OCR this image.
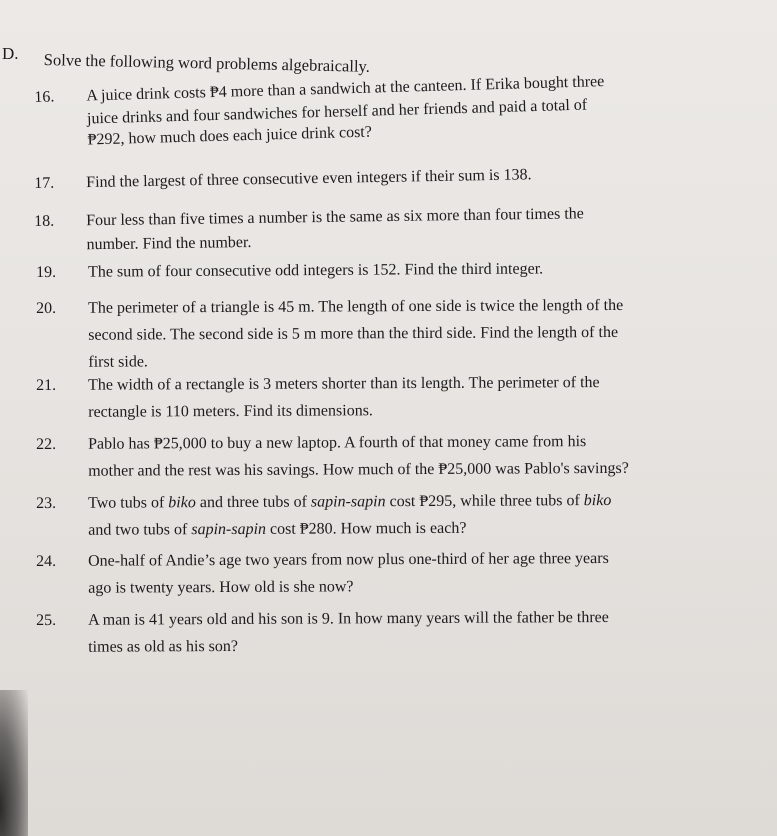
D. Solve the following word problems algebraically.
16.	A juice drink costs ₱4 more than a sandwich at the canteen. If Erika bought three
juice drinks and four sandwiches for herself and her friends and paid a total of
₱292, how much does each juice drink cost?
17.	Find the largest of three consecutive even integers if their sum is 138.
18.	Four less than five times a number is the same as six more than four times the
number. Find the number.
19.	The sum of four consecutive odd integers is 152. Find the third integer.
20.	The perimeter of a triangle is 45 m. The length of one side is twice the length of the
second side. The second side is 5 m more than the third side. Find the length of the
first side.
21.	The width of a rectangle is 3 meters shorter than its length. The perimeter of the
rectangle is 110 meters. Find its dimensions.
22.	Pablo has ₱25,000 to buy a new laptop. A fourth of that money came from his
mother and the rest was his savings. How much of the ₱25,000 was Pablo's savings?
23.	Two tubs of biko and three tubs of sapin-sapin cost ₱295, while three tubs of biko
and two tubs of sapin-sapin cost ₱280. How much is each?
24.	One-half of Andie’s age two years from now plus one-third of her age three years
ago is twenty years. How old is she now?
25.	A man is 41 years old and his son is 9. In how many years will the father be three
times as old as his son?
